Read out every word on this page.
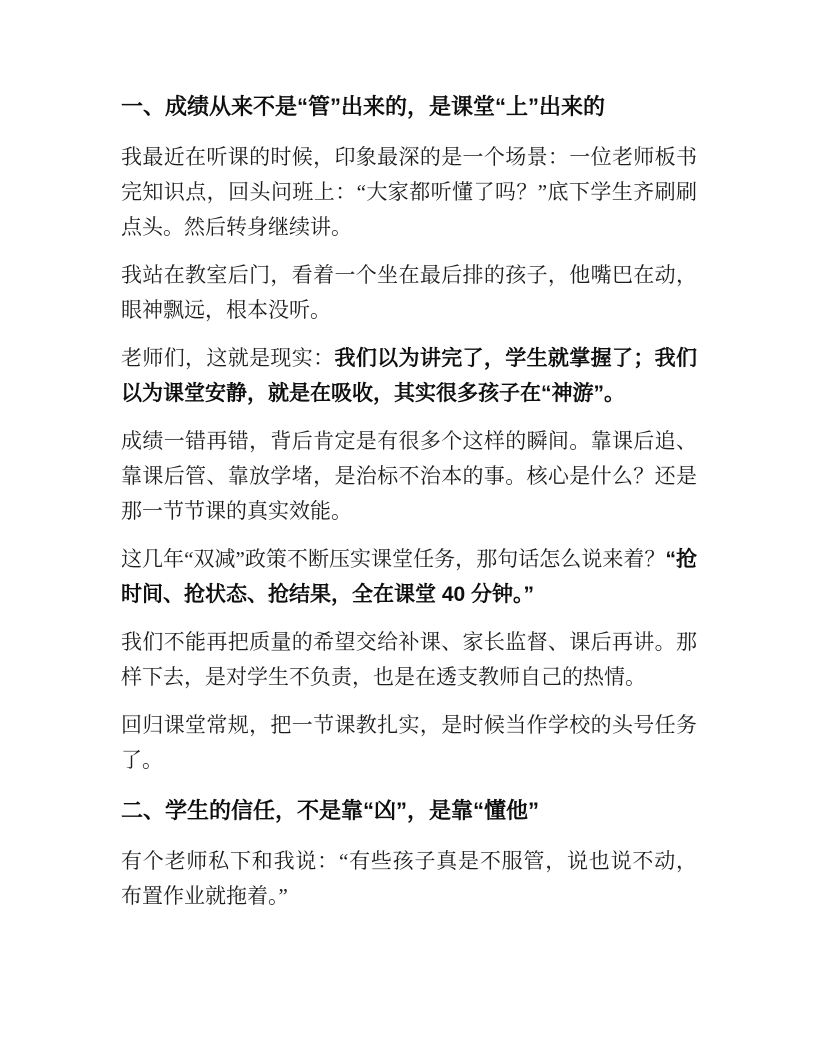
一、成绩从来不是“管”出来的，是课堂“上”出来的

我最近在听课的时候，印象最深的是一个场景：一位老师板书完知识点，回头问班上：“大家都听懂了吗？”底下学生齐刷刷点头。然后转身继续讲。

我站在教室后门，看着一个坐在最后排的孩子，他嘴巴在动，眼神飘远，根本没听。

老师们，这就是现实：我们以为讲完了，学生就掌握了；我们以为课堂安静，就是在吸收，其实很多孩子在“神游”。

成绩一错再错，背后肯定是有很多个这样的瞬间。靠课后追、靠课后管、靠放学堵，是治标不治本的事。核心是什么？还是那一节节课的真实效能。

这几年“双减”政策不断压实课堂任务，那句话怎么说来着？“抢时间、抢状态、抢结果，全在课堂 40 分钟。”

我们不能再把质量的希望交给补课、家长监督、课后再讲。那样下去，是对学生不负责，也是在透支教师自己的热情。

回归课堂常规，把一节课教扎实，是时候当作学校的头号任务了。

二、学生的信任，不是靠“凶”，是靠“懂他”

有个老师私下和我说：“有些孩子真是不服管，说也说不动，布置作业就拖着。”
